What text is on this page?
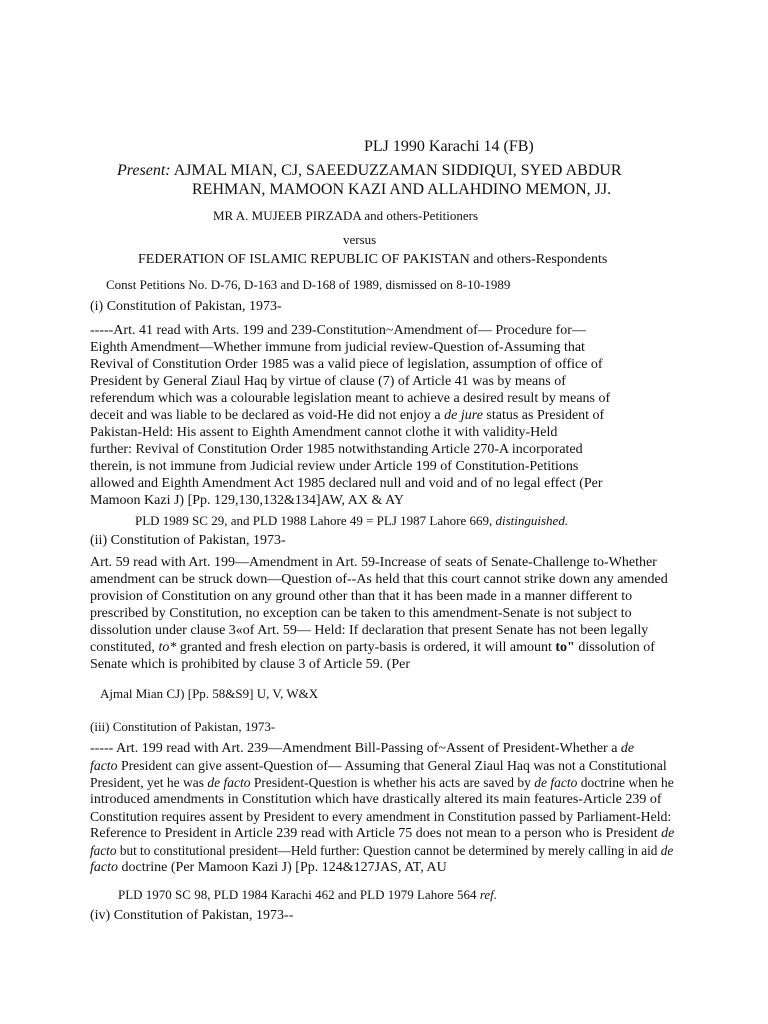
PLJ 1990 Karachi 14 (FB)
Present: AJMAL MIAN, CJ, SAEEDUZZAMAN SIDDIQUI, SYED ABDUR
REHMAN, MAMOON KAZI AND ALLAHDINO MEMON, JJ.
MR A. MUJEEB PIRZADA and others-Petitioners
versus
FEDERATION OF ISLAMIC REPUBLIC OF PAKISTAN and others-Respondents
Const Petitions No. D-76, D-163 and D-168 of 1989, dismissed on 8-10-1989
(i) Constitution of Pakistan, 1973-
-----Art. 41 read with Arts. 199 and 239-Constitution~Amendment of— Procedure for—
Eighth Amendment—Whether immune from judicial review-Question of-Assuming that
Revival of Constitution Order 1985 was a valid piece of legislation, assumption of office of
President by General Ziaul Haq by virtue of clause (7) of Article 41 was by means of
referendum which was a colourable legislation meant to achieve a desired result by means of
deceit and was liable to be declared as void-He did not enjoy a de jure status as President of
Pakistan-Held: His assent to Eighth Amendment cannot clothe it with validity-Held
further: Revival of Constitution Order 1985 notwithstanding Article 270-A incorporated
therein, is not immune from Judicial review under Article 199 of Constitution-Petitions
allowed and Eighth Amendment Act 1985 declared null and void and of no legal effect (Per
Mamoon Kazi J) [Pp. 129,130,132&134]AW, AX & AY
PLD 1989 SC 29, and PLD 1988 Lahore 49 = PLJ 1987 Lahore 669, distinguished.
(ii) Constitution of Pakistan, 1973-
Art. 59 read with Art. 199—Amendment in Art. 59-Increase of seats of Senate-Challenge to-Whether
amendment can be struck down—Question of--As held that this court cannot strike down any amended
provision of Constitution on any ground other than that it has been made in a manner different to
prescribed by Constitution, no exception can be taken to this amendment-Senate is not subject to
dissolution under clause 3«of Art. 59— Held: If declaration that present Senate has not been legally
constituted, to* granted and fresh election on party-basis is ordered, it will amount to" dissolution of
Senate which is prohibited by clause 3 of Article 59. (Per
Ajmal Mian CJ) [Pp. 58&S9] U, V, W&X
(iii) Constitution of Pakistan, 1973-
----- Art. 199 read with Art. 239—Amendment Bill-Passing of~Assent of President-Whether a de
facto President can give assent-Question of— Assuming that General Ziaul Haq was not a Constitutional
President, yet he was de facto President-Question is whether his acts are saved by de facto doctrine when he
introduced amendments in Constitution which have drastically altered its main features-Article 239 of
Constitution requires assent by President to every amendment in Constitution passed by Parliament-Held:
Reference to President in Article 239 read with Article 75 does not mean to a person who is President de
facto but to constitutional president—Held further: Question cannot be determined by merely calling in aid de
facto doctrine (Per Mamoon Kazi J) [Pp. 124&127JAS, AT, AU
PLD 1970 SC 98, PLD 1984 Karachi 462 and PLD 1979 Lahore 564 ref.
(iv) Constitution of Pakistan, 1973--
